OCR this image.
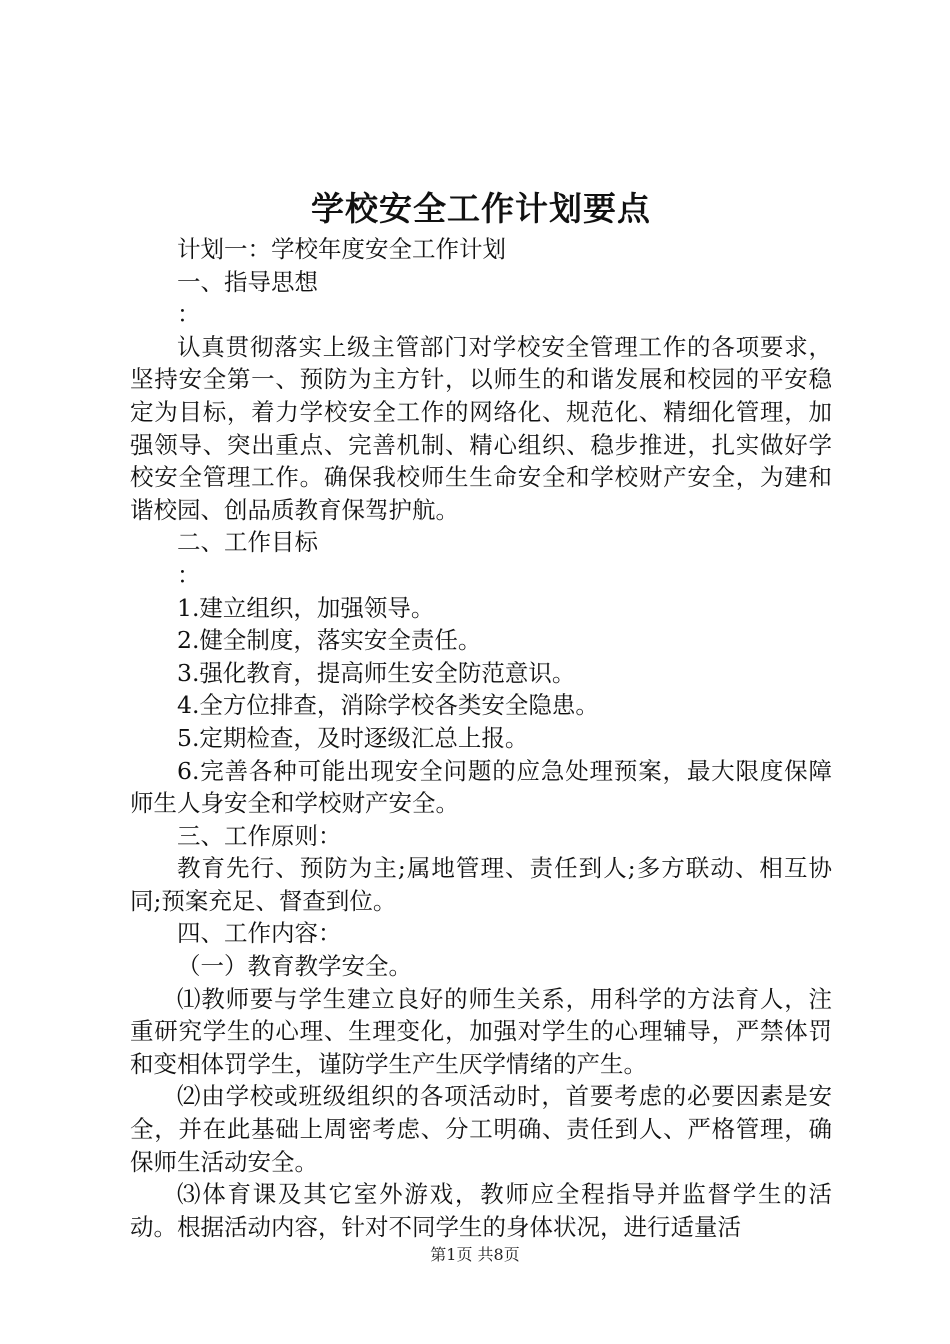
学校安全工作计划要点

计划一：学校年度安全工作计划

一、指导思想

：

认真贯彻落实上级主管部门对学校安全管理工作的各项要求，坚持安全第一、预防为主方针，以师生的和谐发展和校园的平安稳定为目标，着力学校安全工作的网络化、规范化、精细化管理，加强领导、突出重点、完善机制、精心组织、稳步推进，扎实做好学校安全管理工作。确保我校师生生命安全和学校财产安全，为建和谐校园、创品质教育保驾护航。

二、工作目标

：

1.建立组织，加强领导。

2.健全制度，落实安全责任。

3.强化教育，提高师生安全防范意识。

4.全方位排查，消除学校各类安全隐患。

5.定期检查，及时逐级汇总上报。

6.完善各种可能出现安全问题的应急处理预案，最大限度保障师生人身安全和学校财产安全。

三、工作原则：

教育先行、预防为主;属地管理、责任到人;多方联动、相互协同;预案充足、督查到位。

四、工作内容：

（一）教育教学安全。

⑴教师要与学生建立良好的师生关系，用科学的方法育人，注重研究学生的心理、生理变化，加强对学生的心理辅导，严禁体罚和变相体罚学生，谨防学生产生厌学情绪的产生。

⑵由学校或班级组织的各项活动时，首要考虑的必要因素是安全，并在此基础上周密考虑、分工明确、责任到人、严格管理，确保师生活动安全。

⑶体育课及其它室外游戏，教师应全程指导并监督学生的活动。根据活动内容，针对不同学生的身体状况，进行适量活

第1页 共8页
